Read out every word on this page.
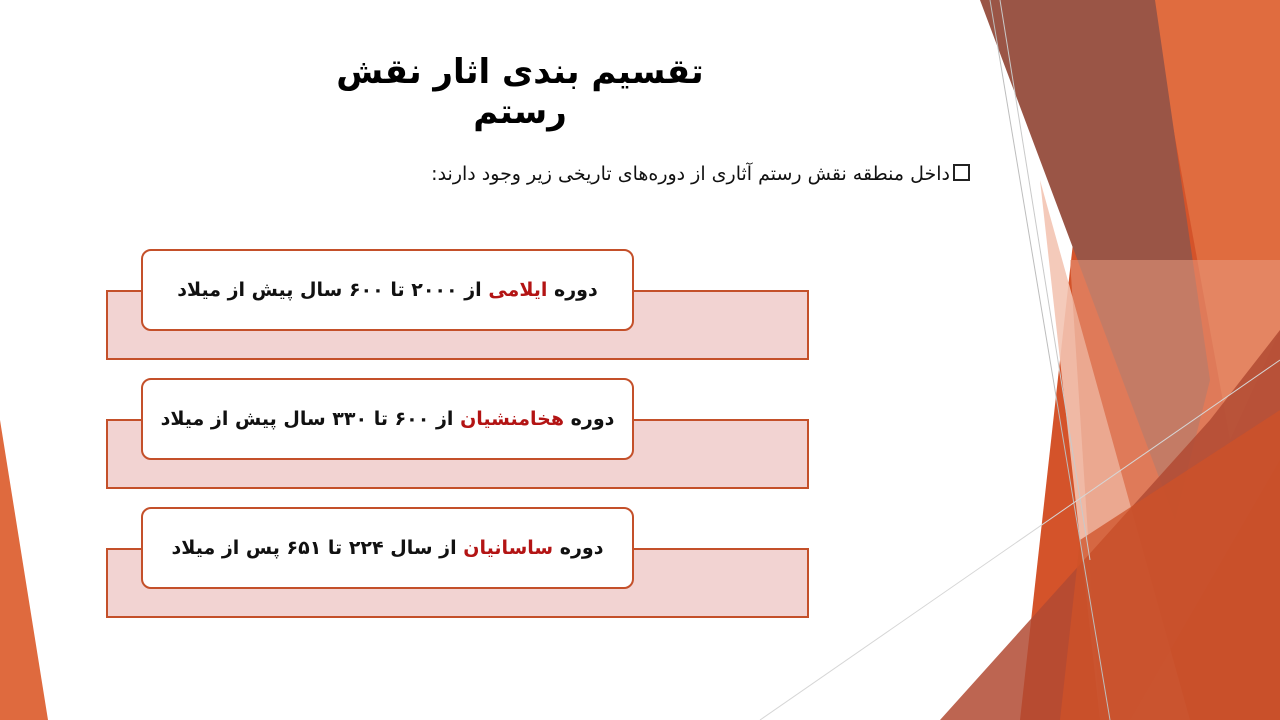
تقسیم بندی اثار نقش رستم
داخل منطقه نقش رستم آثاری از دوره‌های تاریخی زیر وجود دارند:
دوره ایلامی از ۲۰۰۰ تا ۶۰۰ سال پیش از میلاد
دوره هخامنشیان از ۶۰۰ تا ۳۳۰ سال پیش از میلاد
دوره ساسانیان از سال ۲۲۴ تا ۶۵۱ پس از میلاد
